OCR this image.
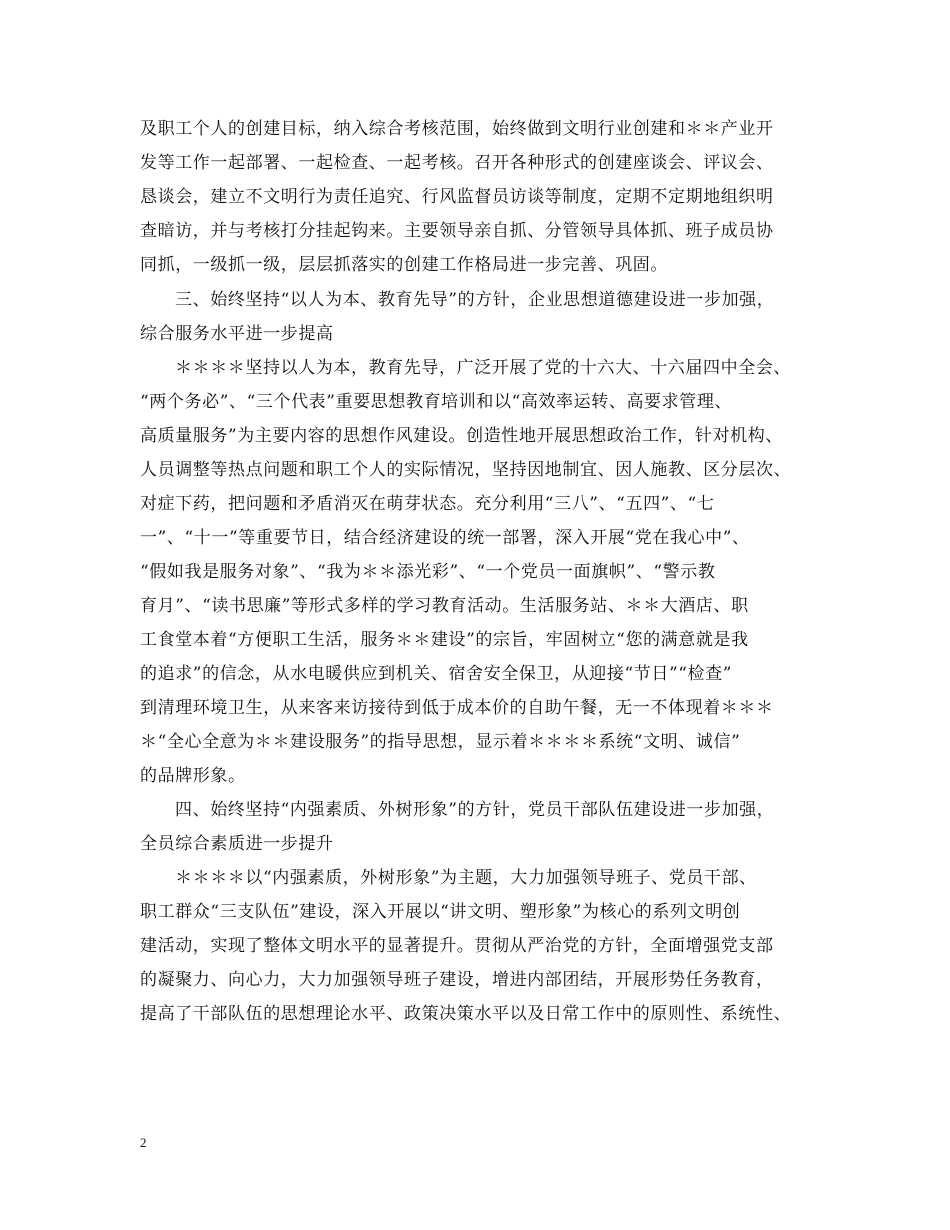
及职工个人的创建目标，纳入综合考核范围，始终做到文明行业创建和＊＊产业开
发等工作一起部署、一起检查、一起考核。召开各种形式的创建座谈会、评议会、
恳谈会，建立不文明行为责任追究、行风监督员访谈等制度，定期不定期地组织明
查暗访，并与考核打分挂起钩来。主要领导亲自抓、分管领导具体抓、班子成员协
同抓，一级抓一级，层层抓落实的创建工作格局进一步完善、巩固。
三、始终坚持“以人为本、教育先导”的方针，企业思想道德建设进一步加强，
综合服务水平进一步提高
＊＊＊＊坚持以人为本，教育先导，广泛开展了党的十六大、十六届四中全会、
“两个务必”、“三个代表”重要思想教育培训和以“高效率运转、高要求管理、
高质量服务”为主要内容的思想作风建设。创造性地开展思想政治工作，针对机构、
人员调整等热点问题和职工个人的实际情况，坚持因地制宜、因人施教、区分层次、
对症下药，把问题和矛盾消灭在萌芽状态。充分利用“三八”、“五四”、“七
一”、“十一”等重要节日，结合经济建设的统一部署，深入开展“党在我心中”、
“假如我是服务对象”、“我为＊＊添光彩”、“一个党员一面旗帜”、“警示教
育月”、“读书思廉”等形式多样的学习教育活动。生活服务站、＊＊大酒店、职
工食堂本着“方便职工生活，服务＊＊建设”的宗旨，牢固树立“您的满意就是我
的追求”的信念，从水电暖供应到机关、宿舍安全保卫，从迎接“节日”“检查”
到清理环境卫生，从来客来访接待到低于成本价的自助午餐，无一不体现着＊＊＊
＊“全心全意为＊＊建设服务”的指导思想，显示着＊＊＊＊系统“文明、诚信”
的品牌形象。
四、始终坚持“内强素质、外树形象”的方针，党员干部队伍建设进一步加强，
全员综合素质进一步提升
＊＊＊＊以“内强素质，外树形象”为主题，大力加强领导班子、党员干部、
职工群众“三支队伍”建设，深入开展以“讲文明、塑形象”为核心的系列文明创
建活动，实现了整体文明水平的显著提升。贯彻从严治党的方针，全面增强党支部
的凝聚力、向心力，大力加强领导班子建设，增进内部团结，开展形势任务教育，
提高了干部队伍的思想理论水平、政策决策水平以及日常工作中的原则性、系统性、
2
